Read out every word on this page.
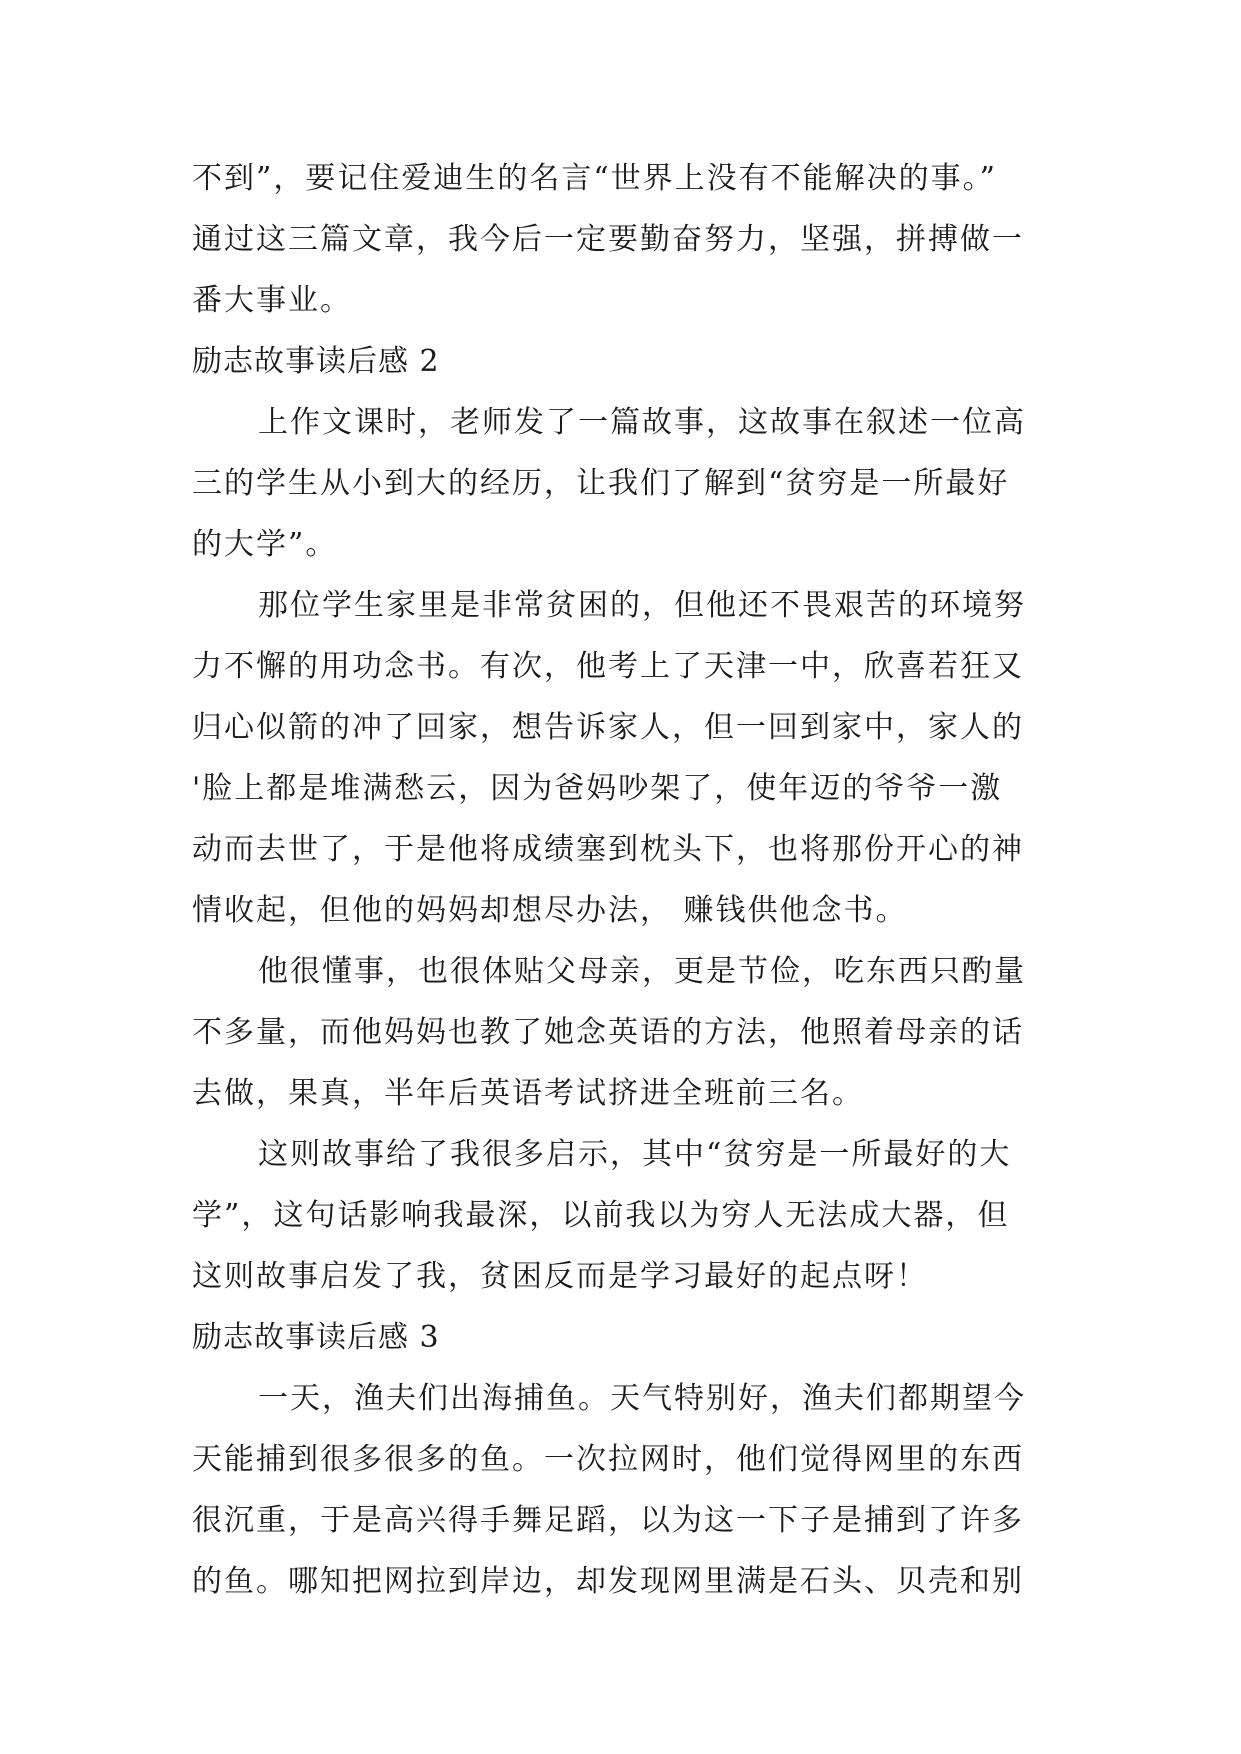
不到”，要记住爱迪生的名言“世界上没有不能解决的事。”
通过这三篇文章，我今后一定要勤奋努力，坚强，拼搏做一
番大事业。
励志故事读后感 2
上作文课时，老师发了一篇故事，这故事在叙述一位高
三的学生从小到大的经历，让我们了解到“贫穷是一所最好
的大学”。
那位学生家里是非常贫困的，但他还不畏艰苦的环境努
力不懈的用功念书。有次，他考上了天津一中，欣喜若狂又
归心似箭的冲了回家，想告诉家人，但一回到家中，家人的
'脸上都是堆满愁云，因为爸妈吵架了，使年迈的爷爷一激
动而去世了，于是他将成绩塞到枕头下，也将那份开心的神
情收起，但他的妈妈却想尽办法， 赚钱供他念书。
他很懂事，也很体贴父母亲，更是节俭，吃东西只酌量
不多量，而他妈妈也教了她念英语的方法，他照着母亲的话
去做，果真，半年后英语考试挤进全班前三名。
这则故事给了我很多启示，其中“贫穷是一所最好的大
学”，这句话影响我最深，以前我以为穷人无法成大器，但
这则故事启发了我，贫困反而是学习最好的起点呀！
励志故事读后感 3
一天，渔夫们出海捕鱼。天气特别好，渔夫们都期望今
天能捕到很多很多的鱼。一次拉网时，他们觉得网里的东西
很沉重，于是高兴得手舞足蹈，以为这一下子是捕到了许多
的鱼。哪知把网拉到岸边，却发现网里满是石头、贝壳和别
